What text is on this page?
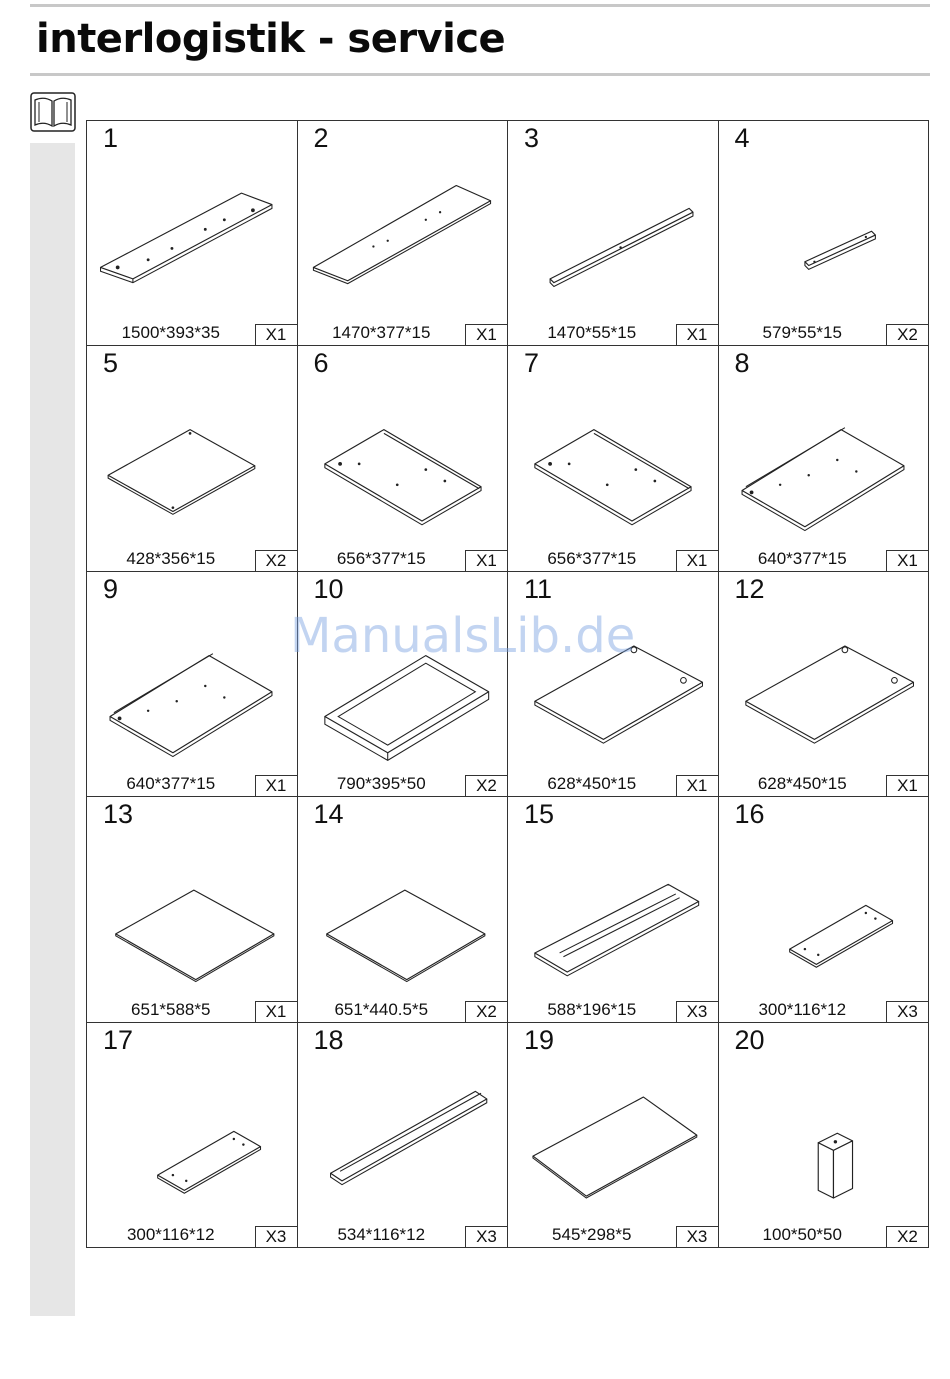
interlogistik - service
1
1500*393*35	X1
2
1470*377*15	X1
3
1470*55*15	X1
4
579*55*15	X2
5
428*356*15	X2
6
656*377*15	X1
7
656*377*15	X1
8
640*377*15	X1
9
640*377*15	X1
10
790*395*50	X2
11
628*450*15	X1
12
628*450*15	X1
13
651*588*5	X1
14
651*440.5*5	X2
15
588*196*15	X3
16
300*116*12	X3
17
300*116*12	X3
18
534*116*12	X3
19
545*298*5	X3
20
100*50*50	X2
ManualsLib.de
